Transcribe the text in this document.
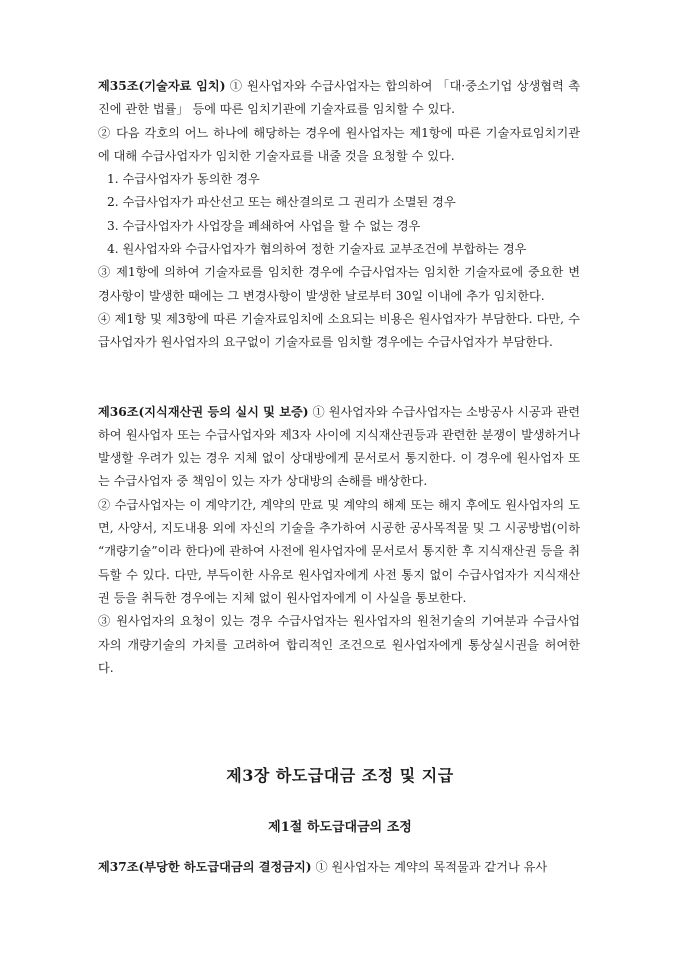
제35조(기술자료 임치) ① 원사업자와 수급사업자는 합의하여 「대·중소기업 상생협력 촉진에 관한 법률」 등에 따른 임치기관에 기술자료를 임치할 수 있다.

② 다음 각호의 어느 하나에 해당하는 경우에 원사업자는 제1항에 따른 기술자료임치기관에 대해 수급사업자가 임치한 기술자료를 내줄 것을 요청할 수 있다.

1. 수급사업자가 동의한 경우

2. 수급사업자가 파산선고 또는 해산결의로 그 권리가 소멸된 경우

3. 수급사업자가 사업장을 폐쇄하여 사업을 할 수 없는 경우

4. 원사업자와 수급사업자가 협의하여 정한 기술자료 교부조건에 부합하는 경우

③ 제1항에 의하여 기술자료를 임치한 경우에 수급사업자는 임치한 기술자료에 중요한 변경사항이 발생한 때에는 그 변경사항이 발생한 날로부터 30일 이내에 추가 임치한다.

④ 제1항 및 제3항에 따른 기술자료임치에 소요되는 비용은 원사업자가 부담한다. 다만, 수급사업자가 원사업자의 요구없이 기술자료를 임치할 경우에는 수급사업자가 부담한다.

제36조(지식재산권 등의 실시 및 보증) ① 원사업자와 수급사업자는 소방공사 시공과 관련하여 원사업자 또는 수급사업자와 제3자 사이에 지식재산권등과 관련한 분쟁이 발생하거나 발생할 우려가 있는 경우 지체 없이 상대방에게 문서로서 통지한다. 이 경우에 원사업자 또는 수급사업자 중 책임이 있는 자가 상대방의 손해를 배상한다.

② 수급사업자는 이 계약기간, 계약의 만료 및 계약의 해제 또는 해지 후에도 원사업자의 도면, 사양서, 지도내용 외에 자신의 기술을 추가하여 시공한 공사목적물 및 그 시공방법(이하 “개량기술”이라 한다)에 관하여 사전에 원사업자에 문서로서 통지한 후 지식재산권 등을 취득할 수 있다. 다만, 부득이한 사유로 원사업자에게 사전 통지 없이 수급사업자가 지식재산권 등을 취득한 경우에는 지체 없이 원사업자에게 이 사실을 통보한다.

③ 원사업자의 요청이 있는 경우 수급사업자는 원사업자의 원천기술의 기여분과 수급사업자의 개량기술의 가치를 고려하여 합리적인 조건으로 원사업자에게 통상실시권을 허여한다.

제3장 하도급대금 조정 및 지급

제1절 하도급대금의 조정

제37조(부당한 하도급대금의 결정금지) ① 원사업자는 계약의 목적물과 같거나 유사
